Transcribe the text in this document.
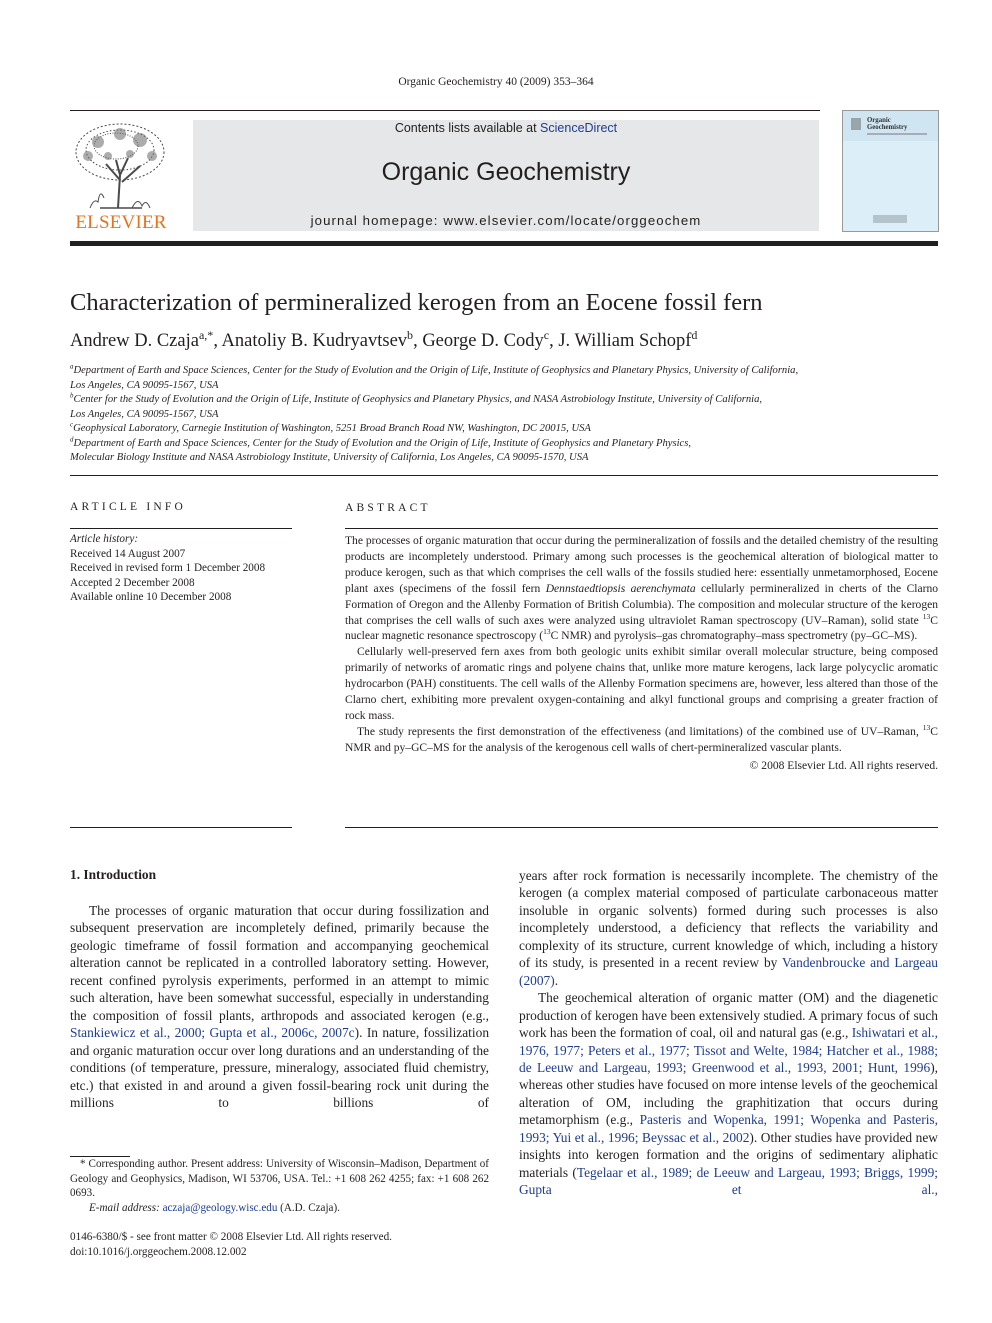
Organic Geochemistry 40 (2009) 353–364
ELSEVIER
Contents lists available at ScienceDirect
Organic Geochemistry
journal homepage: www.elsevier.com/locate/orggeochem
Organic
Geochemistry
Characterization of permineralized kerogen from an Eocene fossil fern
Andrew D. Czaja$^{a,*}$, Anatoliy B. Kudryavtsev$^b$, George D. Cody$^c$, J. William Schopf$^d$
$^a$Department of Earth and Space Sciences, Center for the Study of Evolution and the Origin of Life, Institute of Geophysics and Planetary Physics, University of California,
Los Angeles, CA 90095-1567, USA
$^b$Center for the Study of Evolution and the Origin of Life, Institute of Geophysics and Planetary Physics, and NASA Astrobiology Institute, University of California,
Los Angeles, CA 90095-1567, USA
$^c$Geophysical Laboratory, Carnegie Institution of Washington, 5251 Broad Branch Road NW, Washington, DC 20015, USA
$^d$Department of Earth and Space Sciences, Center for the Study of Evolution and the Origin of Life, Institute of Geophysics and Planetary Physics,
Molecular Biology Institute and NASA Astrobiology Institute, University of California, Los Angeles, CA 90095-1570, USA
ARTICLE INFO
Article history:
Received 14 August 2007
Received in revised form 1 December 2008
Accepted 2 December 2008
Available online 10 December 2008
ABSTRACT

The processes of organic maturation that occur during the permineralization of fossils and the detailed chemistry of the resulting products are incompletely understood. Primary among such processes is the geochemical alteration of biological matter to produce kerogen, such as that which comprises the cell walls of the fossils studied here: essentially unmetamorphosed, Eocene plant axes (specimens of the fossil fern Dennstaedtiopsis aerenchymata cellularly permineralized in cherts of the Clarno Formation of Oregon and the Allenby Formation of British Columbia). The composition and molecular structure of the kerogen that comprises the cell walls of such axes were analyzed using ultraviolet Raman spectroscopy (UV–Raman), solid state $^{13}$C nuclear magnetic resonance spectroscopy ($^{13}$C NMR) and pyrolysis–gas chromatography–mass spectrometry (py–GC–MS).

Cellularly well-preserved fern axes from both geologic units exhibit similar overall molecular structure, being composed primarily of networks of aromatic rings and polyene chains that, unlike more mature kerogens, lack large polycyclic aromatic hydrocarbon (PAH) constituents. The cell walls of the Allenby Formation specimens are, however, less altered than those of the Clarno chert, exhibiting more prevalent oxygen-containing and alkyl functional groups and comprising a greater fraction of rock mass.

The study represents the first demonstration of the effectiveness (and limitations) of the combined use of UV–Raman, $^{13}$C NMR and py–GC–MS for the analysis of the kerogenous cell walls of chert-permineralized vascular plants.

© 2008 Elsevier Ltd. All rights reserved.

1. Introduction

The processes of organic maturation that occur during fossilization and subsequent preservation are incompletely defined, primarily because the geologic timeframe of fossil formation and accompanying geochemical alteration cannot be replicated in a controlled laboratory setting. However, recent confined pyrolysis experiments, performed in an attempt to mimic such alteration, have been somewhat successful, especially in understanding the composition of fossil plants, arthropods and associated kerogen (e.g., Stankiewicz et al., 2000; Gupta et al., 2006c, 2007c). In nature, fossilization and organic maturation occur over long durations and an understanding of the conditions (of temperature, pressure, mineralogy, associated fluid chemistry, etc.) that existed in and around a given fossil-bearing rock unit during the millions to billions of

years after rock formation is necessarily incomplete. The chemistry of the kerogen (a complex material composed of particulate carbonaceous matter insoluble in organic solvents) formed during such processes is also incompletely understood, a deficiency that reflects the variability and complexity of its structure, current knowledge of which, including a history of its study, is presented in a recent review by Vandenbroucke and Largeau (2007).

The geochemical alteration of organic matter (OM) and the diagenetic production of kerogen have been extensively studied. A primary focus of such work has been the formation of coal, oil and natural gas (e.g., Ishiwatari et al., 1976, 1977; Peters et al., 1977; Tissot and Welte, 1984; Hatcher et al., 1988; de Leeuw and Largeau, 1993; Greenwood et al., 1993, 2001; Hunt, 1996), whereas other studies have focused on more intense levels of the geochemical alteration of OM, including the graphitization that occurs during metamorphism (e.g., Pasteris and Wopenka, 1991; Wopenka and Pasteris, 1993; Yui et al., 1996; Beyssac et al., 2002). Other studies have provided new insights into kerogen formation and the origins of sedimentary aliphatic materials (Tegelaar et al., 1989; de Leeuw and Largeau, 1993; Briggs, 1999; Gupta et al.,

* Corresponding author. Present address: University of Wisconsin–Madison, Department of Geology and Geophysics, Madison, WI 53706, USA. Tel.: +1 608 262 4255; fax: +1 608 262 0693.
E-mail address: aczaja@geology.wisc.edu (A.D. Czaja).
0146-6380/$ - see front matter © 2008 Elsevier Ltd. All rights reserved.
doi:10.1016/j.orggeochem.2008.12.002
